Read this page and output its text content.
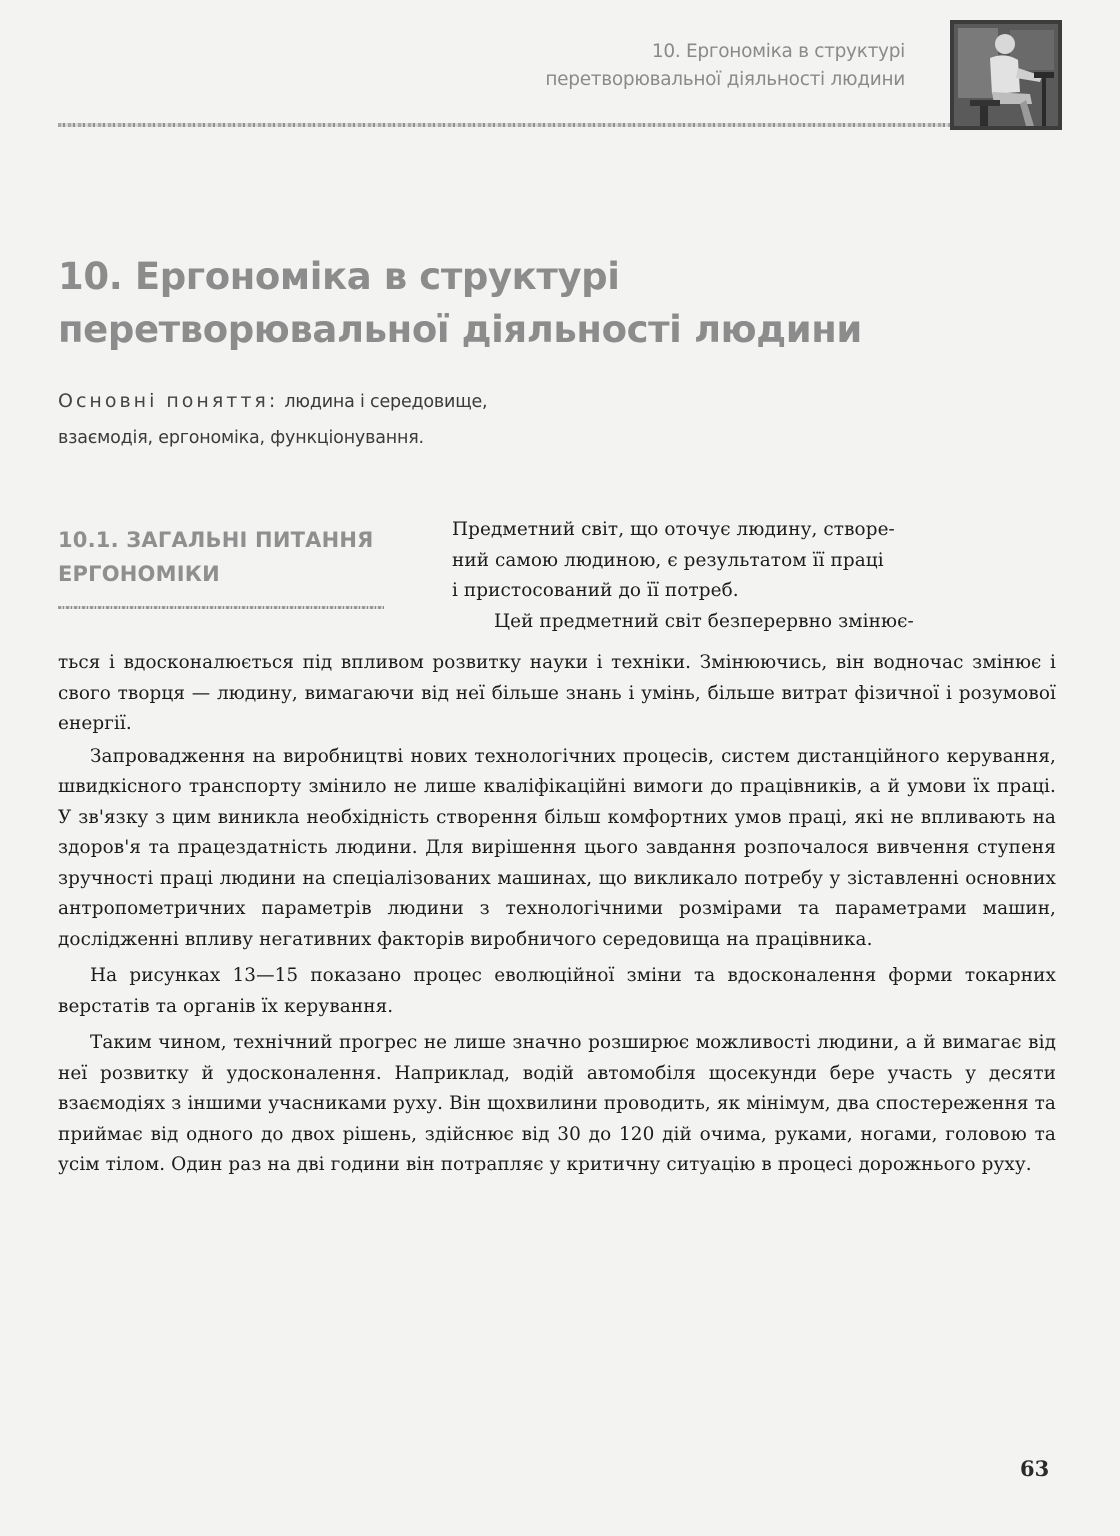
10. Ергономіка в структурі
перетворювальної діяльності людини
10. Ергономіка в структурі
перетворювальної діяльності людини
Основні поняття: людина і середовище,
взаємодія, ергономіка, функціонування.
10.1. ЗАГАЛЬНІ ПИТАННЯ
ЕРГОНОМІКИ
Предметний світ, що оточує людину, створе-
ний самою людиною, є результатом її праці
і пристосований до її потреб.
Цей предметний світ безперервно змінює-

ться і вдосконалюється під впливом розвитку науки і техніки. Змінюючись, він водночас змінює і свого творця — людину, вимагаючи від неї більше знань і умінь, більше витрат фізичної і розумової енергії.

Запровадження на виробництві нових технологічних процесів, систем дистанційного керування, швидкісного транспорту змінило не лише кваліфікаційні вимоги до працівників, а й умови їх праці. У зв'язку з цим виникла необхідність створення більш комфортних умов праці, які не впливають на здоров'я та працездатність людини. Для вирішення цього завдання розпочалося вивчення ступеня зручності праці людини на спеціалізованих машинах, що викликало потребу у зіставленні основних антропометричних параметрів людини з технологічними розмірами та параметрами машин, дослідженні впливу негативних факторів виробничого середовища на працівника.

На рисунках 13—15 показано процес еволюційної зміни та вдосконалення форми токарних верстатів та органів їх керування.

Таким чином, технічний прогрес не лише значно розширює можливості людини, а й вимагає від неї розвитку й удосконалення. Наприклад, водій автомобіля щосекунди бере участь у десяти взаємодіях з іншими учасниками руху. Він щохвилини проводить, як мінімум, два спостереження та приймає від одного до двох рішень, здійснює від 30 до 120 дій очима, руками, ногами, головою та усім тілом. Один раз на дві години він потрапляє у критичну ситуацію в процесі дорожнього руху.

63
